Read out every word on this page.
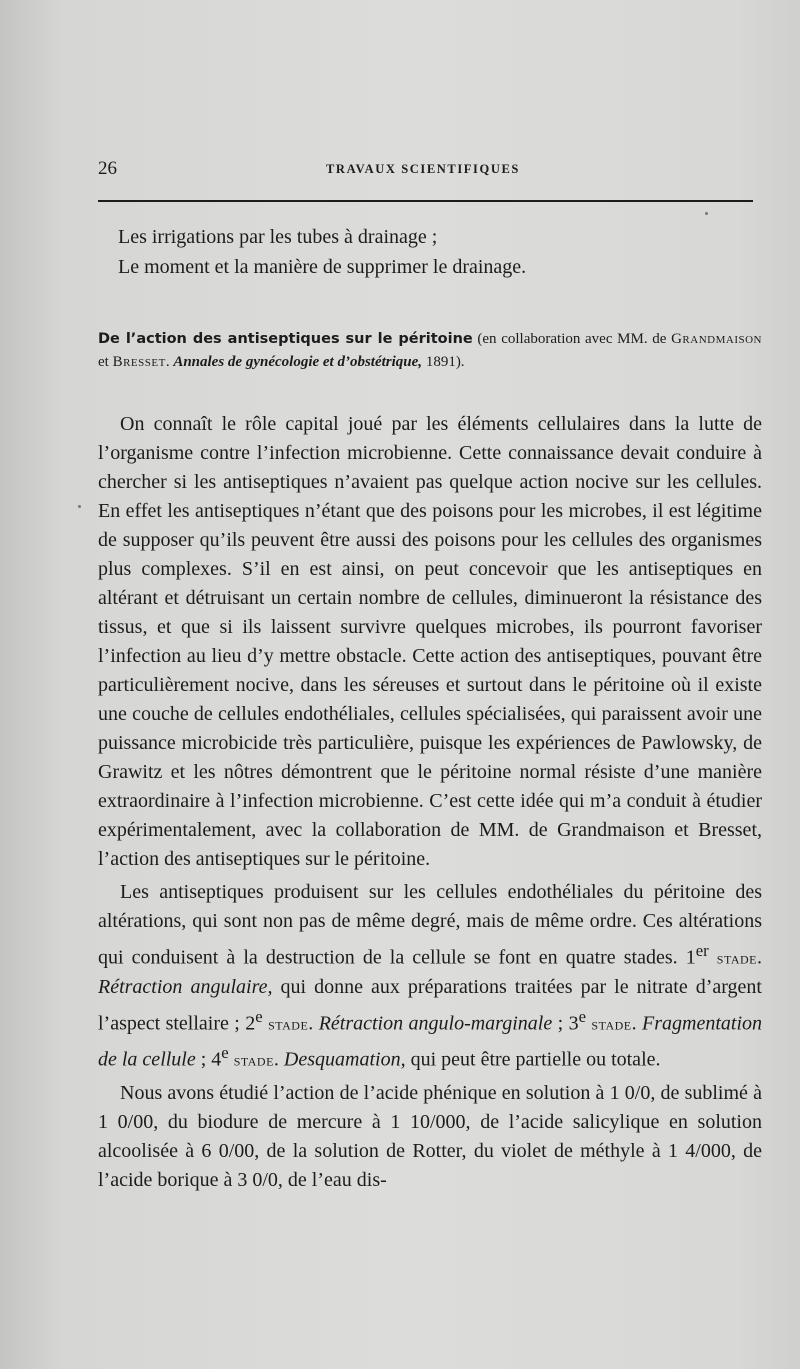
26	TRAVAUX SCIENTIFIQUES
Les irrigations par les tubes à drainage ;
Le moment et la manière de supprimer le drainage.
De l’action des antiseptiques sur le péritoine (en collaboration avec MM. de Grandmaison et Bresset. Annales de gynécologie et d’obstétrique, 1891).

On connaît le rôle capital joué par les éléments cellulaires dans la lutte de l’organisme contre l’infection microbienne. Cette connaissance devait conduire à chercher si les antiseptiques n’avaient pas quelque action nocive sur les cellules. En effet les antiseptiques n’étant que des poisons pour les microbes, il est légitime de supposer qu’ils peuvent être aussi des poisons pour les cellules des organismes plus complexes. S’il en est ainsi, on peut concevoir que les antiseptiques en altérant et détruisant un certain nombre de cellules, diminueront la résistance des tissus, et que si ils laissent survivre quelques microbes, ils pourront favoriser l’infection au lieu d’y mettre obstacle. Cette action des antiseptiques, pouvant être particulièrement nocive, dans les séreuses et surtout dans le péritoine où il existe une couche de cellules endothéliales, cellules spécialisées, qui paraissent avoir une puissance microbicide très particulière, puisque les expériences de Pawlowsky, de Grawitz et les nôtres démontrent que le péritoine normal résiste d’une manière extraordinaire à l’infection microbienne. C’est cette idée qui m’a conduit à étudier expérimentalement, avec la collaboration de MM. de Grandmaison et Bresset, l’action des antiseptiques sur le péritoine.

Les antiseptiques produisent sur les cellules endothéliales du péritoine des altérations, qui sont non pas de même degré, mais de même ordre. Ces altérations qui conduisent à la destruction de la cellule se font en quatre stades. 1er stade. Rétraction angulaire, qui donne aux préparations traitées par le nitrate d’argent l’aspect stellaire ; 2e stade. Rétraction angulo-marginale ; 3e stade. Fragmentation de la cellule ; 4e stade. Desquamation, qui peut être partielle ou totale.

Nous avons étudié l’action de l’acide phénique en solution à 1 0/0, de sublimé à 1 0/00, du biodure de mercure à 1 10/000, de l’acide salicylique en solution alcoolisée à 6 0/00, de la solution de Rotter, du violet de méthyle à 1 4/000, de l’acide borique à 3 0/0, de l’eau dis-
